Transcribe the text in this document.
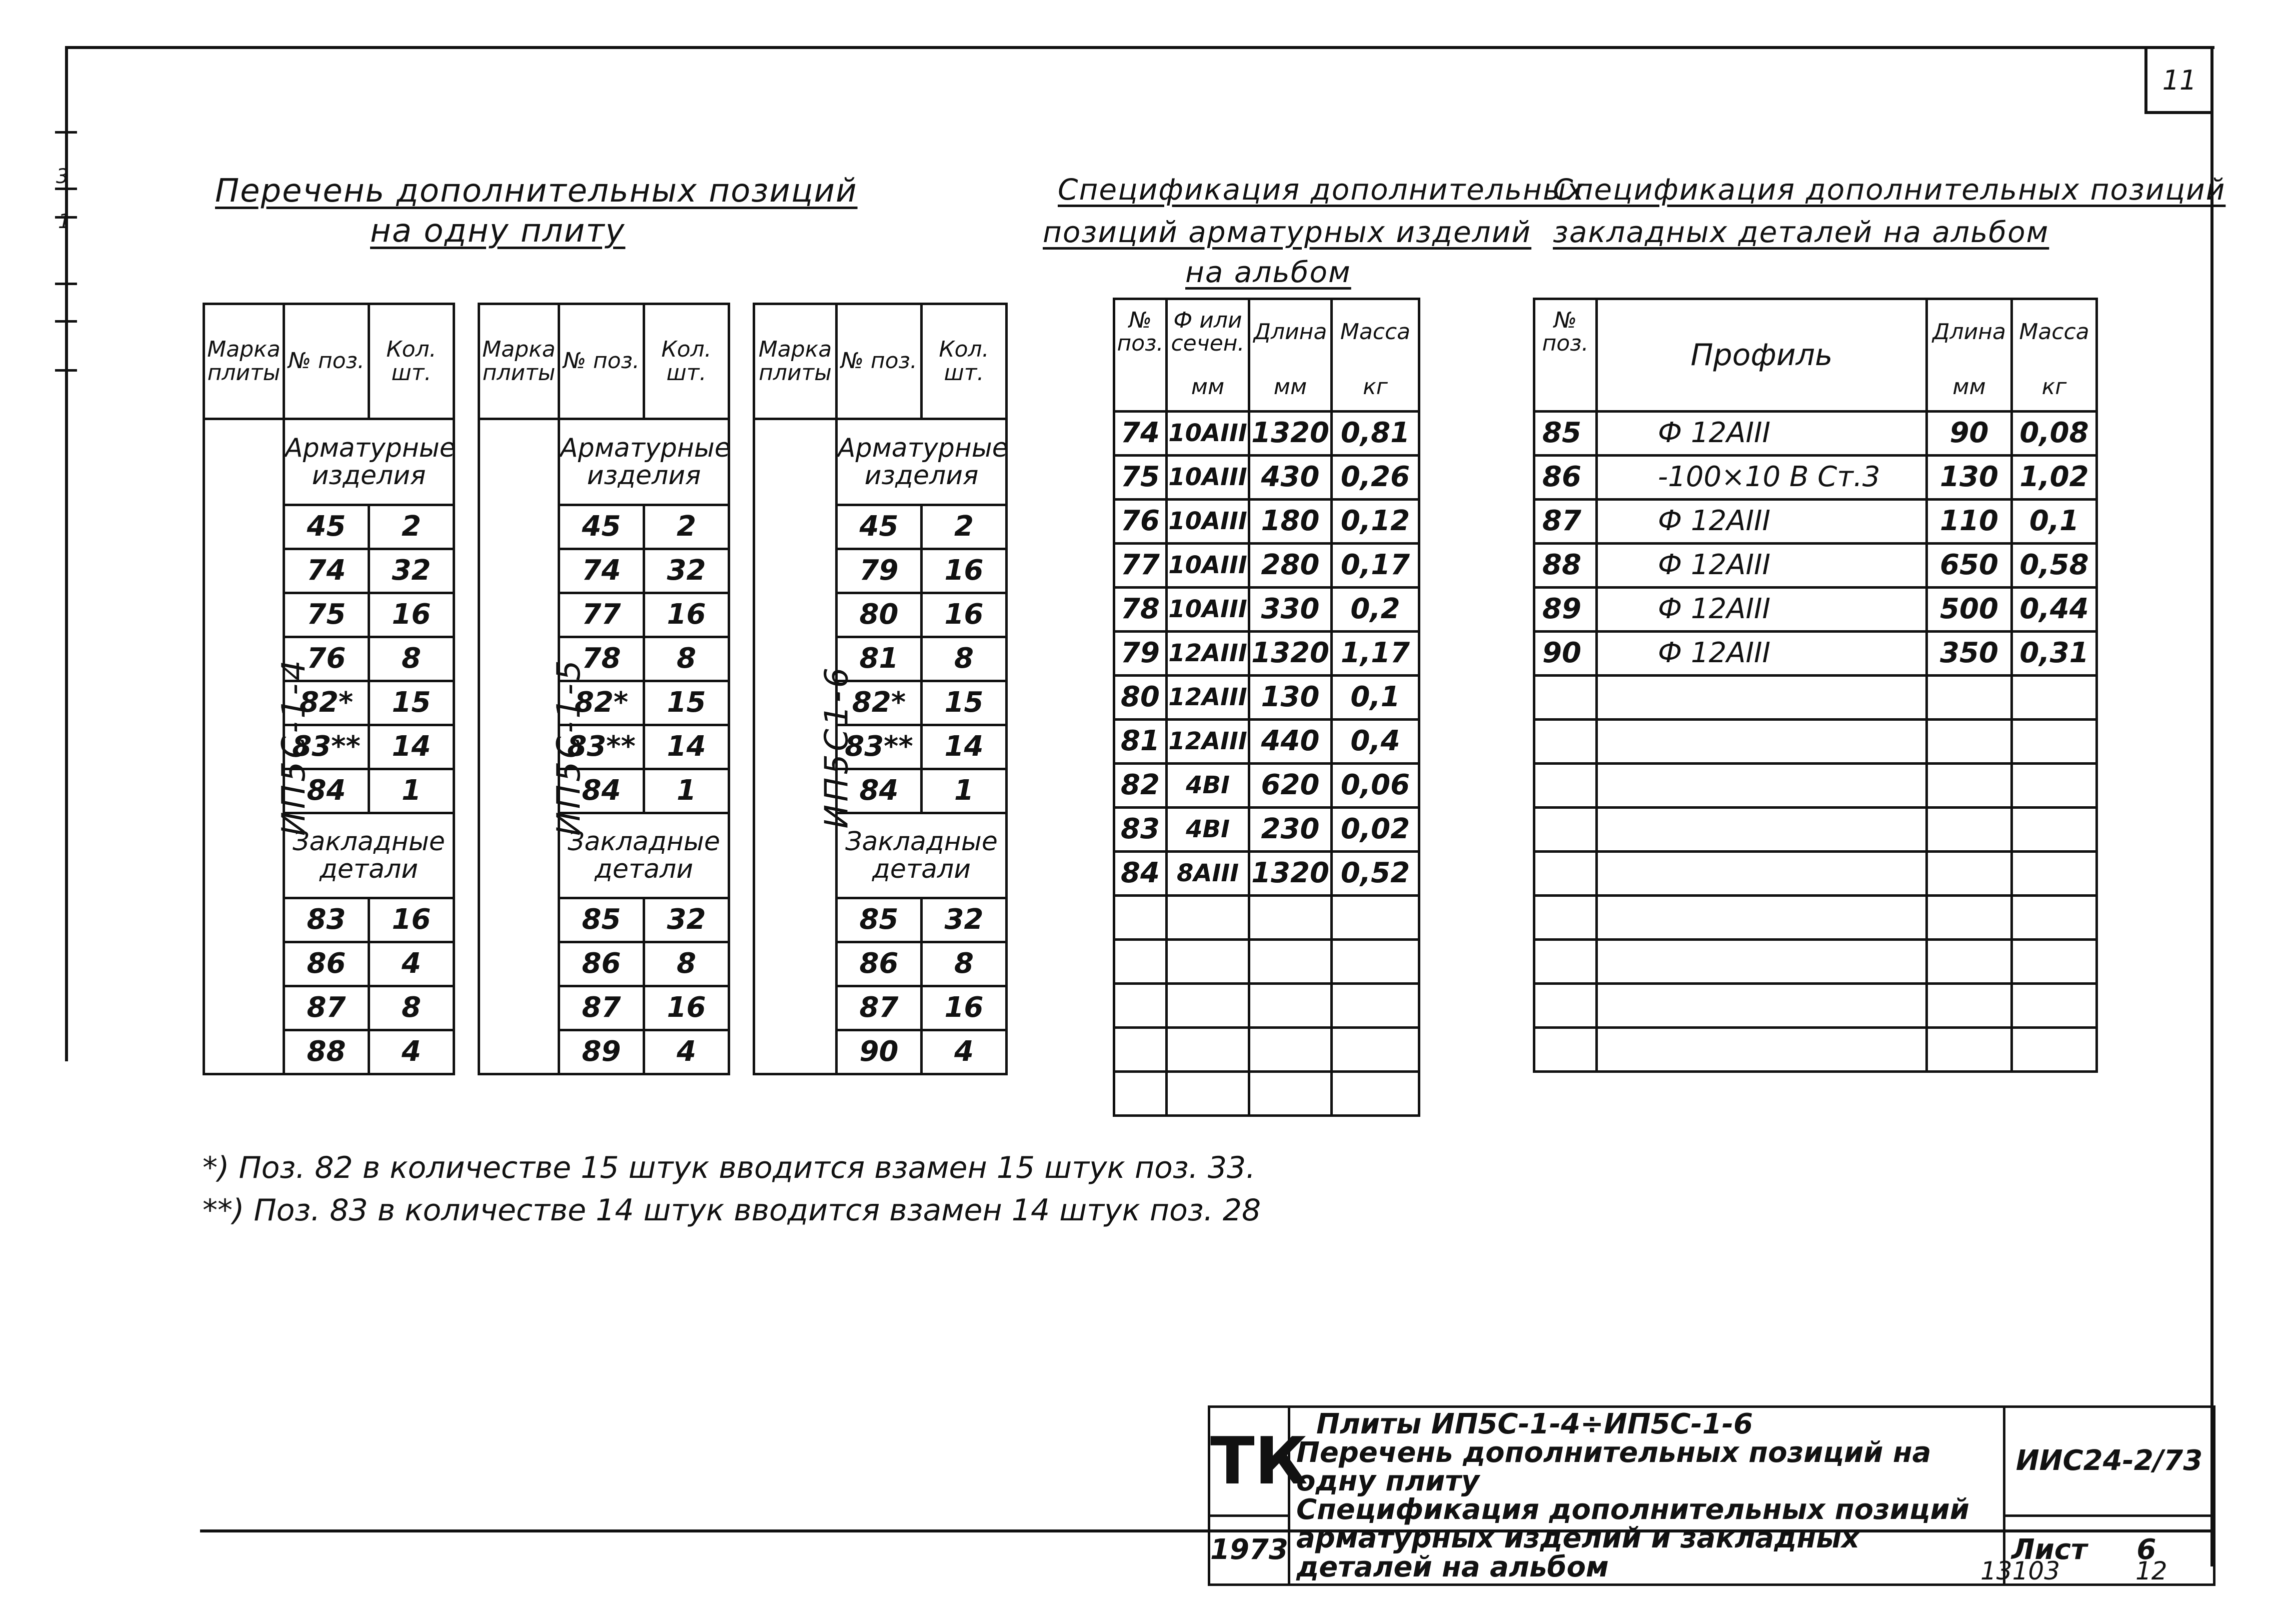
3
1
11
Перечень дополнительных позиций
на одну плиту
Спецификация дополнительных
позиций арматурных изделий
на альбом
Спецификация дополнительных позиций
закладных деталей на альбом
Марка плиты	№ поз.	Кол. шт.
ИП5С-1-4	Арматурные изделия	
	45	2
	74	32
	75	16
	76	8
	82*	15
	83**	14
	84	1
	Закладные детали	
	83	16
	86	4
	87	8
	88	4
Марка плиты	№ поз.	Кол. шт.
ИП5С-1-5	Арматурные изделия	
	45	2
	74	32
	77	16
	78	8
	82*	15
	83**	14
	84	1
	Закладные детали	
	85	32
	86	8
	87	16
	89	4
Марка плиты	№ поз.	Кол. шт.
ИП5С1-6	Арматурные изделия	
	45	2
	79	16
	80	16
	81	8
	82*	15
	83**	14
	84	1
	Закладные детали	
	85	32
	86	8
	87	16
	90	4
№ поз.	Ф или сечен.	Длина	Масса
	мм	мм	кг
74	10АIII	1320	0,81
75	10АIII	430	0,26
76	10АIII	180	0,12
77	10АIII	280	0,17
78	10АIII	330	0,2
79	12АIII	1320	1,17
80	12АIII	130	0,1
81	12АIII	440	0,4
82	4ВI	620	0,06
83	4ВI	230	0,02
84	8АIII	1320	0,52

№ поз.	Профиль	Длина	Масса
		мм	кг
85	Ф 12АIII	90	0,08
86	-100×10 В Ст.3	130	1,02
87	Ф 12АIII	110	0,1
88	Ф 12АIII	650	0,58
89	Ф 12АIII	500	0,44
90	Ф 12АIII	350	0,31

*) Поз. 82 в количестве 15 штук вводится взамен 15 штук поз. 33.
**) Поз. 83 в количестве 14 штук вводится взамен 14 штук поз. 28
ТК	Плиты ИП5С-1-4÷ИП5С-1-6
Перечень дополнительных позиций на одну плиту
Спецификация дополнительных позиций
арматурных изделий и закладных деталей на альбом	ИИС24-2/73
1973		Лист 6
13103	12
